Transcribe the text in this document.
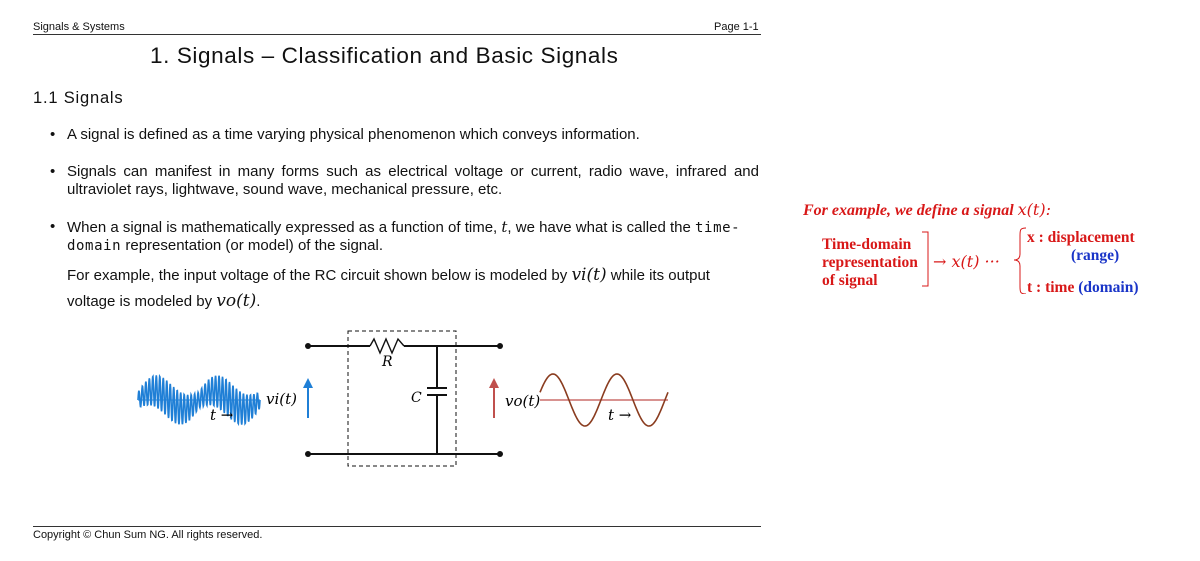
Signals & Systems	Page 1-1
1. Signals – Classification and Basic Signals
1.1 Signals
• A signal is defined as a time varying physical phenomenon which conveys information.
• Signals can manifest in many forms such as electrical voltage or current, radio wave, infrared and ultraviolet rays, lightwave, sound wave, mechanical pressure, etc.
• When a signal is mathematically expressed as a function of time, t, we have what is called the time-domain representation (or model) of the signal.
For example, the input voltage of the RC circuit shown below is modeled by vi(t) while its output
voltage is modeled by vo(t).
t →
vi(t)
R
C	vo(t)
t →
For example, we define a signal x(t):
Time-domain
representation
of signal
→ x(t) ···
x : displacement
(range)
t : time (domain)
Copyright © Chun Sum NG. All rights reserved.
